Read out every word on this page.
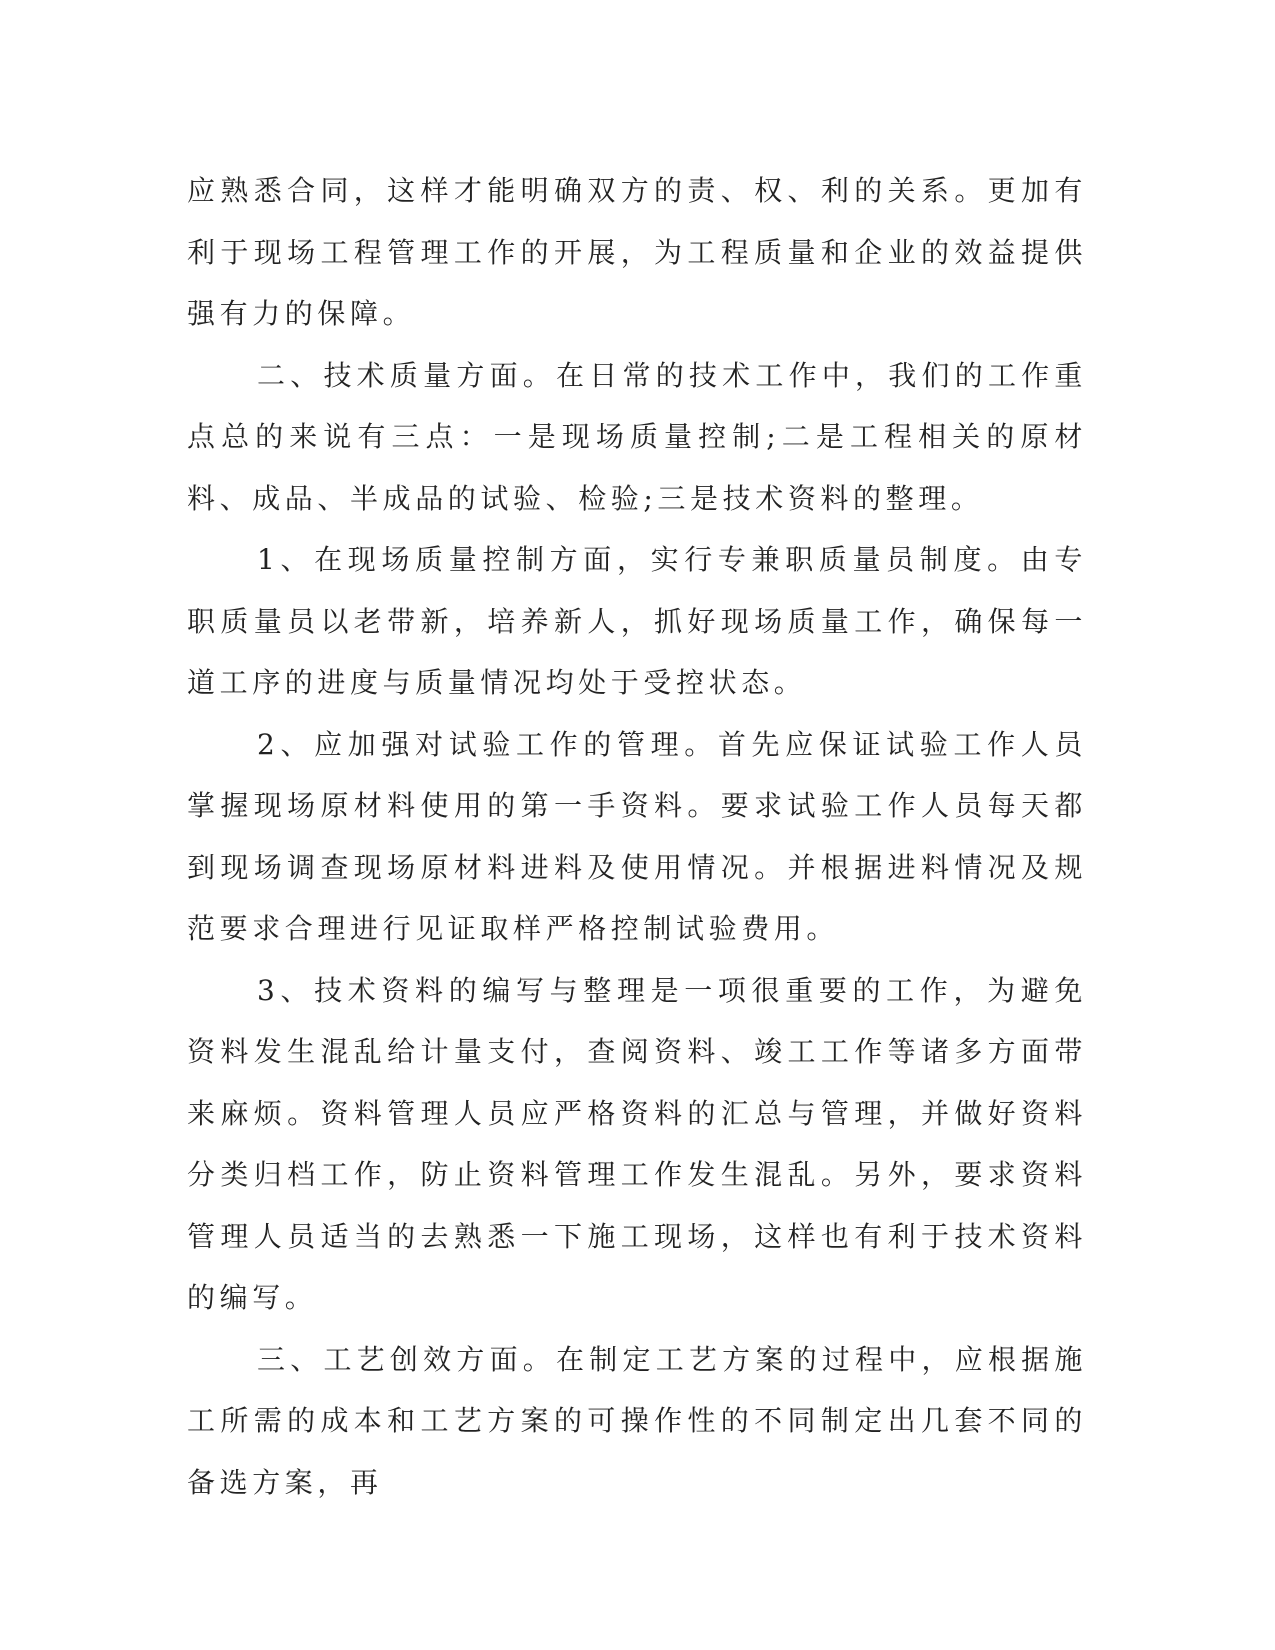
应熟悉合同，这样才能明确双方的责、权、利的关系。更加有利于现场工程管理工作的开展，为工程质量和企业的效益提供强有力的保障。

二、技术质量方面。在日常的技术工作中，我们的工作重点总的来说有三点：一是现场质量控制;二是工程相关的原材料、成品、半成品的试验、检验;三是技术资料的整理。

1、在现场质量控制方面，实行专兼职质量员制度。由专职质量员以老带新，培养新人，抓好现场质量工作，确保每一道工序的进度与质量情况均处于受控状态。

2、应加强对试验工作的管理。首先应保证试验工作人员掌握现场原材料使用的第一手资料。要求试验工作人员每天都到现场调查现场原材料进料及使用情况。并根据进料情况及规范要求合理进行见证取样严格控制试验费用。

3、技术资料的编写与整理是一项很重要的工作，为避免资料发生混乱给计量支付，查阅资料、竣工工作等诸多方面带来麻烦。资料管理人员应严格资料的汇总与管理，并做好资料分类归档工作，防止资料管理工作发生混乱。另外，要求资料管理人员适当的去熟悉一下施工现场，这样也有利于技术资料的编写。

三、工艺创效方面。在制定工艺方案的过程中，应根据施工所需的成本和工艺方案的可操作性的不同制定出几套不同的备选方案，再
